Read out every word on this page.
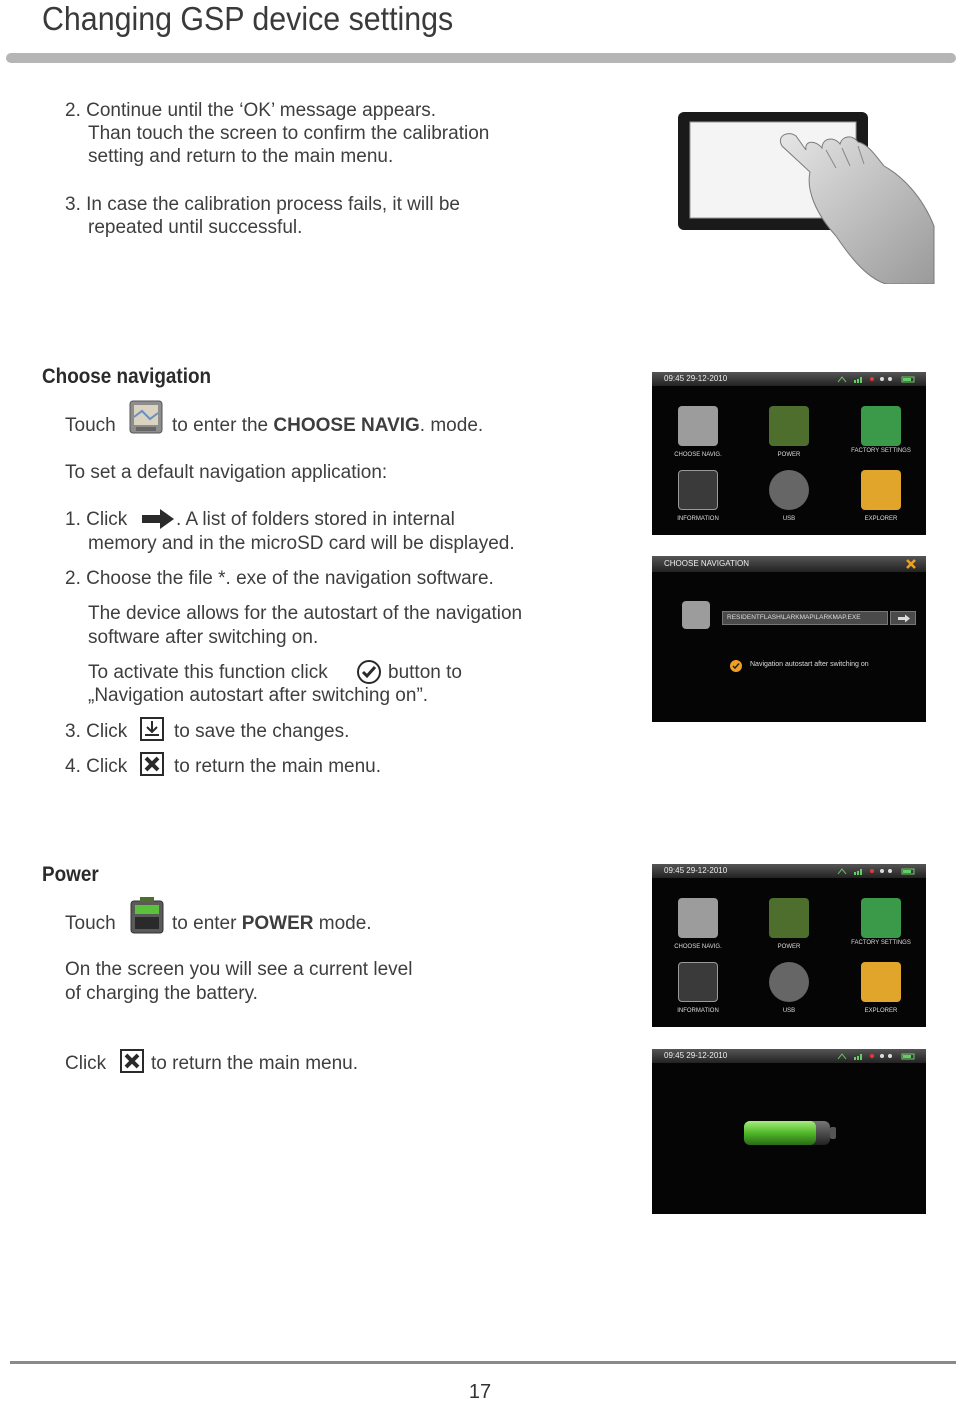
Changing GSP device settings
2. Continue until the ‘OK’ message appears.
Than touch the screen to confirm the calibration
setting and return to the main menu.
3. In case the calibration process fails, it will be
repeated until successful.
Choose navigation
Touch	to enter the CHOOSE NAVIG. mode.
To set a default navigation application:
1. Click	. A list of folders stored in internal
memory and in the microSD card will be displayed.
2. Choose the file *. exe of the navigation software.
The device allows for the autostart of the navigation
software after switching on.
To activate this function click	button to
„Navigation autostart after switching on”.
3. Click to save the changes.
4. Click to return the main menu.
09:45 29-12-2010
CHOOSE NAVIG.	POWER
FACTORY SETTINGS
INFORMATION	USB	EXPLORER
CHOOSE NAVIGATION
RESIDENTFLASH\LARKMAP\LARKMAP.EXE
Navigation autostart after switching on
Power
Touch	to enter POWER mode.
On the screen you will see a current level
of charging the battery.
Click to return the main menu.
09:45 29-12-2010
CHOOSE NAVIG.	POWER
FACTORY SETTINGS
INFORMATION	USB	EXPLORER
09:45 29-12-2010
17
